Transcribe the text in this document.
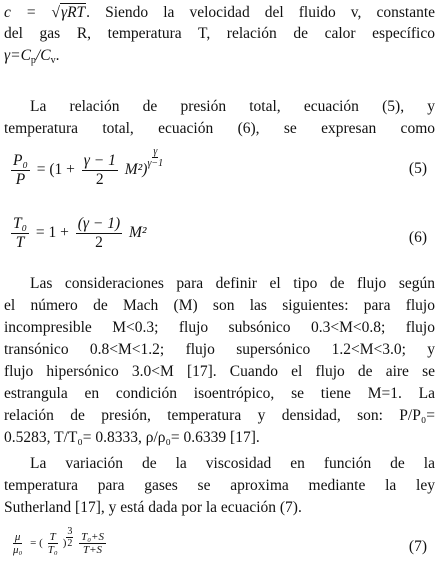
c = √γRT. Siendo la velocidad del fluido v, constante
del gas R, temperatura T, relación de calor específico
$\gamma=C_p/C_v$.
La relación de presión total, ecuación (5), y
temperatura total, ecuación (6), se expresan como
$\frac{\text{P₀}}{P} = (1 + \frac{\gamma - 1}{2} M^2)$
$\frac{\gamma}{\gamma-1}$	(5)
$\frac{\text{T₀}}{T} = 1 + \frac{(\gamma - 1)}{2} M^2$	(6)
Las consideraciones para definir el tipo de flujo según
el número de Mach (M) son las siguientes: para flujo
incompresible M<0.3; flujo subsónico 0.3<M<0.8; flujo
transónico 0.8<M<1.2; flujo supersónico 1.2<M<3.0; y
flujo hipersónico 3.0<M [17]. Cuando el flujo de aire se
estrangula en condición isoentrópico, se tiene M=1. La
relación de presión, temperatura y densidad, son: P/P₀=
0.5283, T/T₀= 0.8333, ρ/ρ₀= 0.6339 [17].
La variación de la viscosidad en función de la
temperatura para gases se aproxima mediante la ley
Sutherland [17], y está dada por la ecuación (7).
$\frac{\mu}{\text{μ₀}}$ = ( $\frac{T}{\text{T₀}}$ ) $\frac{3}{2}$
$\frac{\text{T₀+S}}{T+S}$	(7)
